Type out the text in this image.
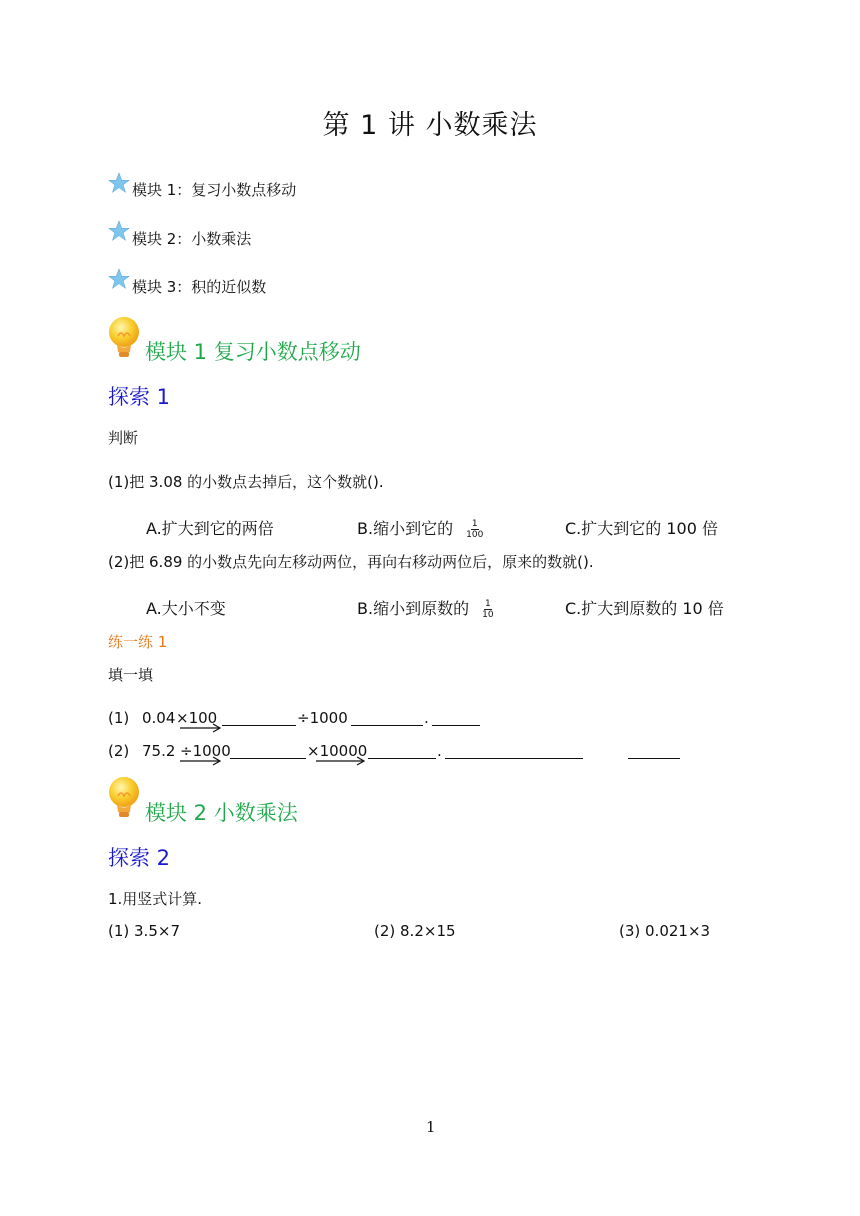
第 1 讲 小数乘法
模块 1：复习小数点移动
模块 2：小数乘法
模块 3：积的近似数
模块 1 复习小数点移动
探索 1
判断
(1)把 3.08 的小数点去掉后，这个数就().
A.扩大到它的两倍	B.缩小到它的 $\frac{1}{100}$	C.扩大到它的 100 倍
(2)把 6.89 的小数点先向左移动两位，再向右移动两位后，原来的数就().
A.大小不变	B.缩小到原数的 $\frac{1}{10}$	C.扩大到原数的 10 倍
练一练 1
填一填
(1) 0.04 ×100	÷1000	.
(2) 75.2 ÷1000	×10000	.
模块 2 小数乘法
探索 2
1.用竖式计算.
(1) 3.5×7	(2) 8.2×15	(3) 0.021×3
1
